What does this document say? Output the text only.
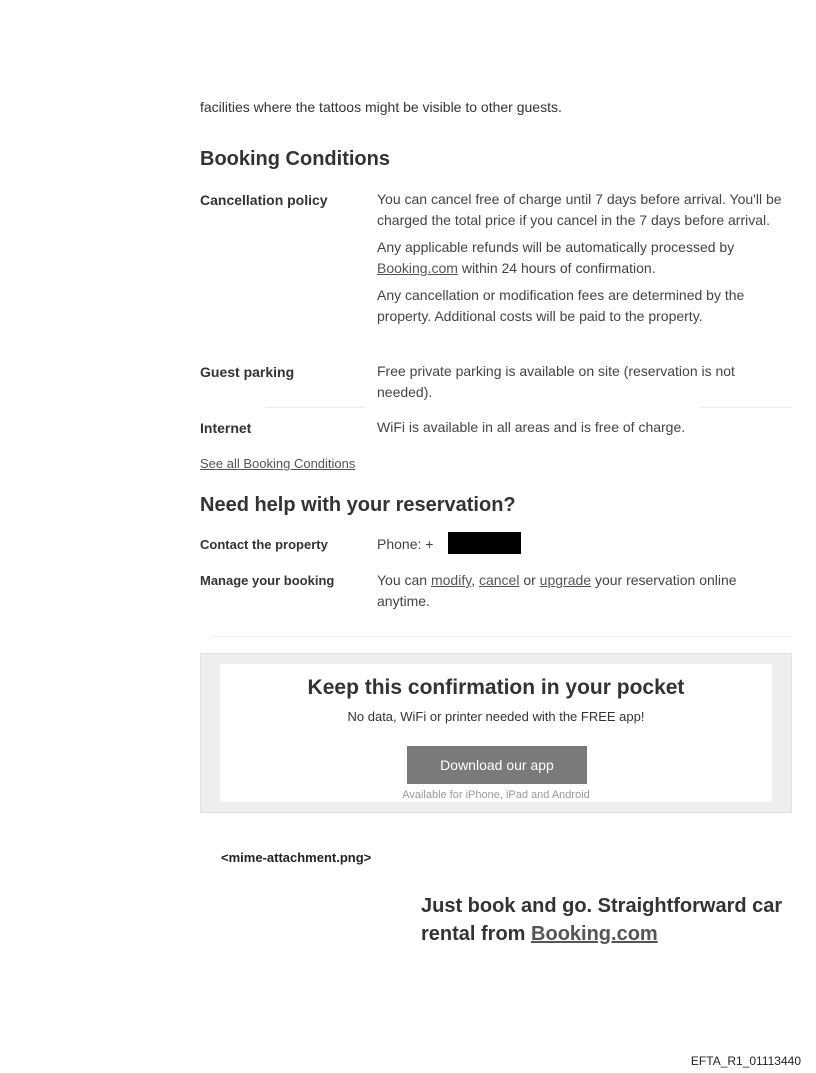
facilities where the tattoos might be visible to other guests.
Booking Conditions
Cancellation policy	You can cancel free of charge until 7 days before arrival. You'll be charged the total price if you cancel in the 7 days before arrival.
Any applicable refunds will be automatically processed by Booking.com within 24 hours of confirmation.
Any cancellation or modification fees are determined by the property. Additional costs will be paid to the property.
Guest parking	Free private parking is available on site (reservation is not needed).
Internet	WiFi is available in all areas and is free of charge.
See all Booking Conditions
Need help with your reservation?
Contact the property	Phone: +
Manage your booking	You can modify, cancel or upgrade your reservation online anytime.
Keep this confirmation in your pocket
No data, WiFi or printer needed with the FREE app!
Download our app
Available for iPhone, iPad and Android
<mime-attachment.png>
Just book and go. Straightforward car rental from Booking.com
EFTA_R1_01113440
